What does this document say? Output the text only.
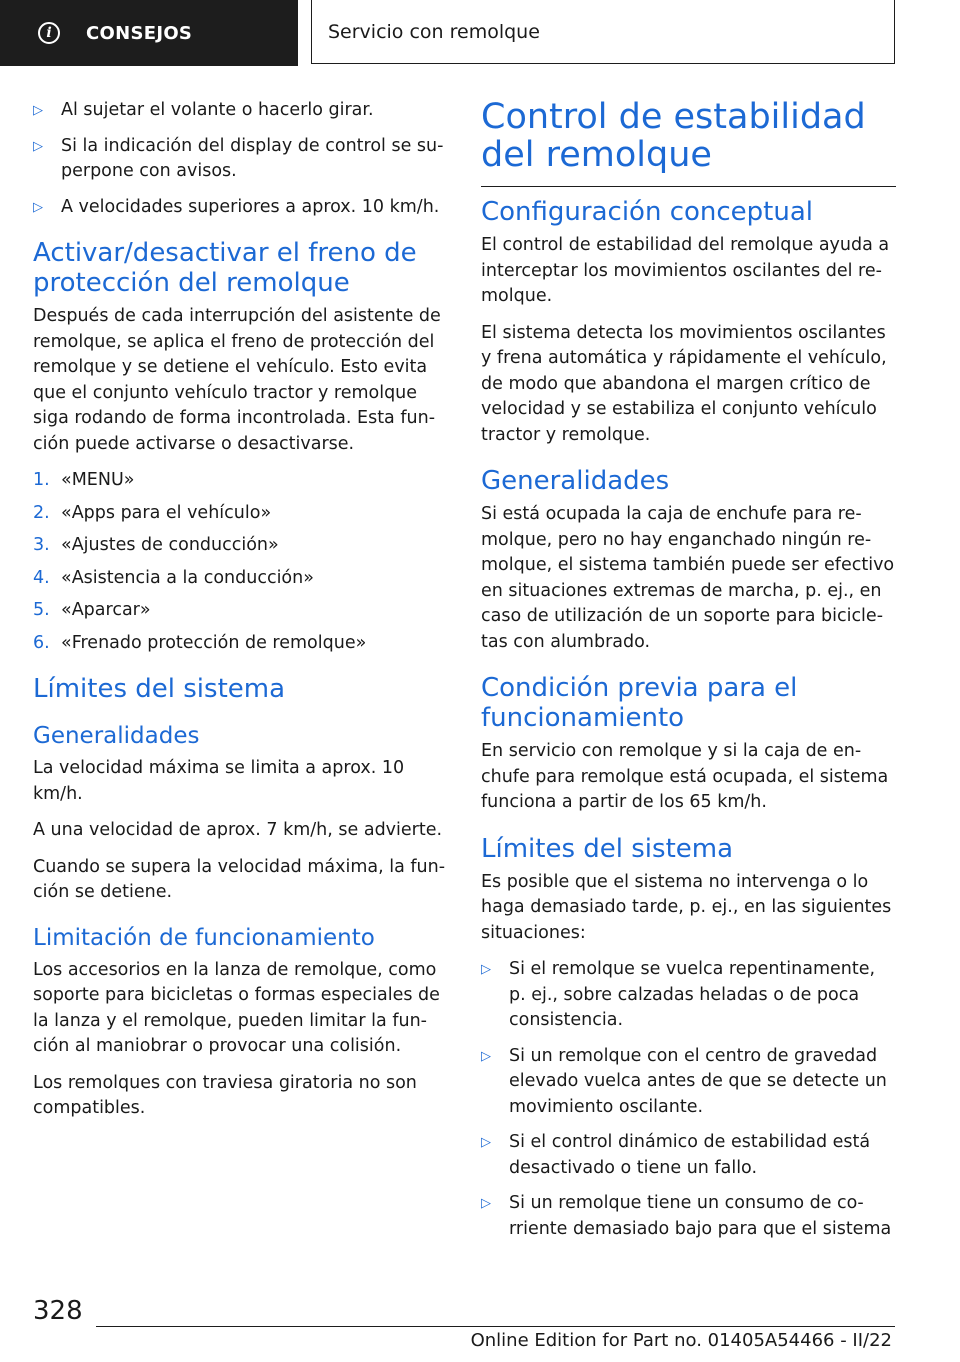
i	CONSEJOS	Servicio con remolque
▷	Al sujetar el volante o hacerlo girar.
▷	Si la indicación del display de control se superpone con avisos.
▷	A velocidades superiores a aprox. 10 km/h.
Activar/desactivar el freno de protección del remolque

Después de cada interrupción del asistente de remolque, se aplica el freno de protección del remolque y se detiene el vehículo. Esto evita que el conjunto vehículo tractor y remolque siga rodando de forma incontrolada. Esta función puede activarse o desactivarse.

1. «MENU»
2. «Apps para el vehículo»
3. «Ajustes de conducción»
4. «Asistencia a la conducción»
5. «Aparcar»
6. «Frenado protección de remolque»
Límites del sistema
Generalidades

La velocidad máxima se limita a aprox. 10 km/h.

A una velocidad de aprox. 7 km/h, se advierte.

Cuando se supera la velocidad máxima, la función se detiene.

Limitación de funcionamiento

Los accesorios en la lanza de remolque, como soporte para bicicletas o formas especiales de la lanza y el remolque, pueden limitar la función al maniobrar o provocar una colisión.

Los remolques con traviesa giratoria no son compatibles.

Control de estabilidad del remolque
Configuración conceptual

El control de estabilidad del remolque ayuda a interceptar los movimientos oscilantes del remolque.

El sistema detecta los movimientos oscilantes y frena automática y rápidamente el vehículo, de modo que abandona el margen crítico de velocidad y se estabiliza el conjunto vehículo tractor y remolque.

Generalidades

Si está ocupada la caja de enchufe para remolque, pero no hay enganchado ningún remolque, el sistema también puede ser efectivo en situaciones extremas de marcha, p. ej., en caso de utilización de un soporte para bicicletas con alumbrado.

Condición previa para el funcionamiento

En servicio con remolque y si la caja de enchufe para remolque está ocupada, el sistema funciona a partir de los 65 km/h.

Límites del sistema

Es posible que el sistema no intervenga o lo haga demasiado tarde, p. ej., en las siguientes situaciones:

▷	Si el remolque se vuelca repentinamente, p. ej., sobre calzadas heladas o de poca consistencia.
▷	Si un remolque con el centro de gravedad elevado vuelca antes de que se detecte un movimiento oscilante.
▷	Si el control dinámico de estabilidad está desactivado o tiene un fallo.
▷	Si un remolque tiene un consumo de corriente demasiado bajo para que el sistema
328
Online Edition for Part no. 01405A54466 - II/22
